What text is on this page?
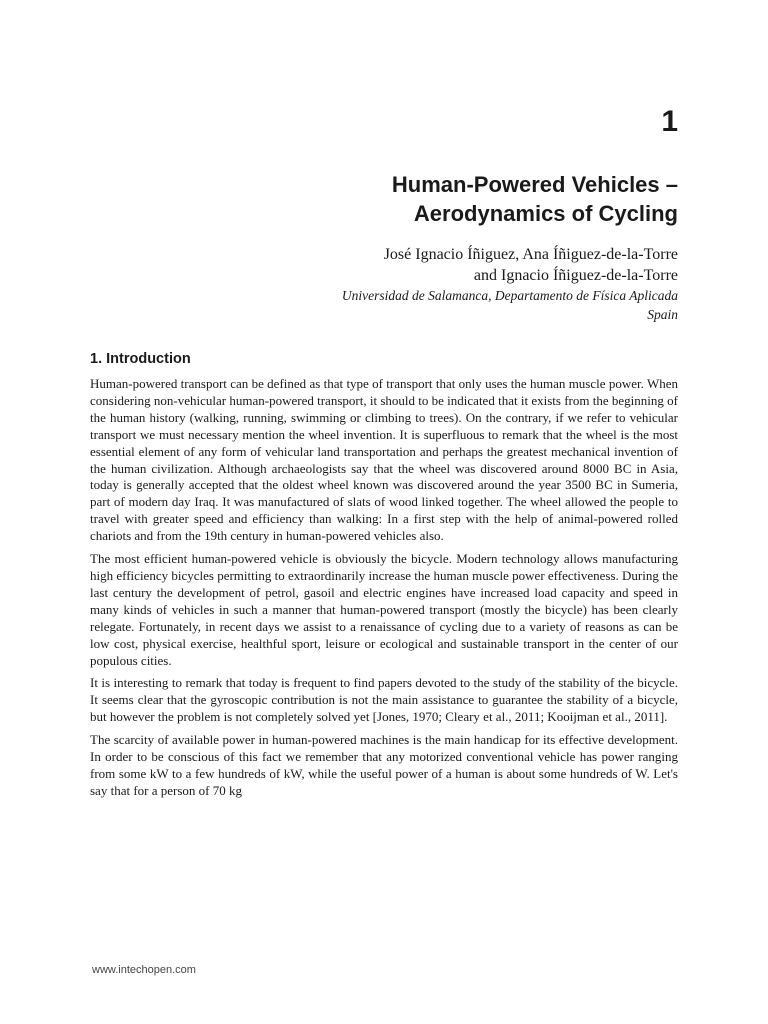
1
Human-Powered Vehicles –
Aerodynamics of Cycling
José Ignacio Íñiguez, Ana Íñiguez-de-la-Torre
and Ignacio Íñiguez-de-la-Torre
Universidad de Salamanca, Departamento de Física Aplicada
Spain
1. Introduction

Human-powered transport can be defined as that type of transport that only uses the human muscle power. When considering non-vehicular human-powered transport, it should to be indicated that it exists from the beginning of the human history (walking, running, swimming or climbing to trees). On the contrary, if we refer to vehicular transport we must necessary mention the wheel invention. It is superfluous to remark that the wheel is the most essential element of any form of vehicular land transportation and perhaps the greatest mechanical invention of the human civilization. Although archaeologists say that the wheel was discovered around 8000 BC in Asia, today is generally accepted that the oldest wheel known was discovered around the year 3500 BC in Sumeria, part of modern day Iraq. It was manufactured of slats of wood linked together. The wheel allowed the people to travel with greater speed and efficiency than walking: In a first step with the help of animal-powered rolled chariots and from the 19th century in human-powered vehicles also.

The most efficient human-powered vehicle is obviously the bicycle. Modern technology allows manufacturing high efficiency bicycles permitting to extraordinarily increase the human muscle power effectiveness. During the last century the development of petrol, gasoil and electric engines have increased load capacity and speed in many kinds of vehicles in such a manner that human-powered transport (mostly the bicycle) has been clearly relegate. Fortunately, in recent days we assist to a renaissance of cycling due to a variety of reasons as can be low cost, physical exercise, healthful sport, leisure or ecological and sustainable transport in the center of our populous cities.

It is interesting to remark that today is frequent to find papers devoted to the study of the stability of the bicycle. It seems clear that the gyroscopic contribution is not the main assistance to guarantee the stability of a bicycle, but however the problem is not completely solved yet [Jones, 1970; Cleary et al., 2011; Kooijman et al., 2011].

The scarcity of available power in human-powered machines is the main handicap for its effective development. In order to be conscious of this fact we remember that any motorized conventional vehicle has power ranging from some kW to a few hundreds of kW, while the useful power of a human is about some hundreds of W. Let's say that for a person of 70 kg

www.intechopen.com
